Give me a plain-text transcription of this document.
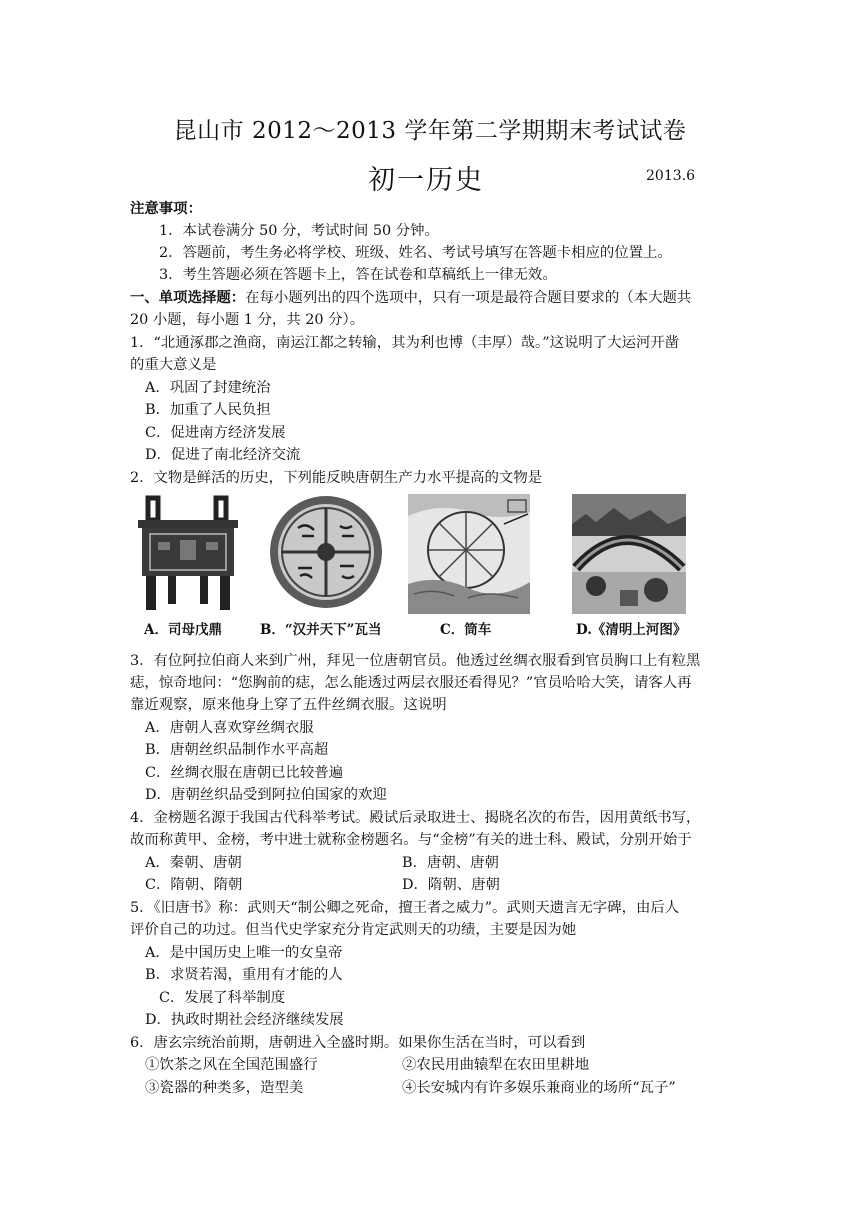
昆山市 2012～2013 学年第二学期期末考试试卷
初一历史	2013.6
注意事项：
1．本试卷满分 50 分，考试时间 50 分钟。
2．答题前，考生务必将学校、班级、姓名、考试号填写在答题卡相应的位置上。
3．考生答题必须在答题卡上，答在试卷和草稿纸上一律无效。
一、单项选择题：在每小题列出的四个选项中，只有一项是最符合题目要求的（本大题共
20 小题，每小题 1 分，共 20 分）。
1．“北通涿郡之渔商，南运江都之转输，其为利也博（丰厚）哉。”这说明了大运河开凿
的重大意义是
A．巩固了封建统治
B．加重了人民负担
C．促进南方经济发展
D．促进了南北经济交流
2．文物是鲜活的历史，下列能反映唐朝生产力水平提高的文物是
A．司母戊鼎	B．“汉并天下”瓦当	C．筒车	D.《清明上河图》
3．有位阿拉伯商人来到广州，拜见一位唐朝官员。他透过丝绸衣服看到官员胸口上有粒黑
痣，惊奇地问：“您胸前的痣，怎么能透过两层衣服还看得见？”官员哈哈大笑，请客人再
靠近观察，原来他身上穿了五件丝绸衣服。这说明
A．唐朝人喜欢穿丝绸衣服
B．唐朝丝织品制作水平高超
C．丝绸衣服在唐朝已比较普遍
D．唐朝丝织品受到阿拉伯国家的欢迎
4．金榜题名源于我国古代科举考试。殿试后录取进士、揭晓名次的布告，因用黄纸书写，
故而称黄甲、金榜，考中进士就称金榜题名。与“金榜”有关的进士科、殿试，分别开始于
A．秦朝、唐朝	B．唐朝、唐朝
C．隋朝、隋朝	D．隋朝、唐朝
5．《旧唐书》称：武则天“制公卿之死命，擅王者之威力”。武则天遗言无字碑，由后人
评价自己的功过。但当代史学家充分肯定武则天的功绩，主要是因为她
A．是中国历史上唯一的女皇帝
B．求贤若渴，重用有才能的人
C．发展了科举制度
D．执政时期社会经济继续发展
6．唐玄宗统治前期，唐朝进入全盛时期。如果你生活在当时，可以看到
①饮茶之风在全国范围盛行	②农民用曲辕犁在农田里耕地
③瓷器的种类多，造型美	④长安城内有许多娱乐兼商业的场所“瓦子”
